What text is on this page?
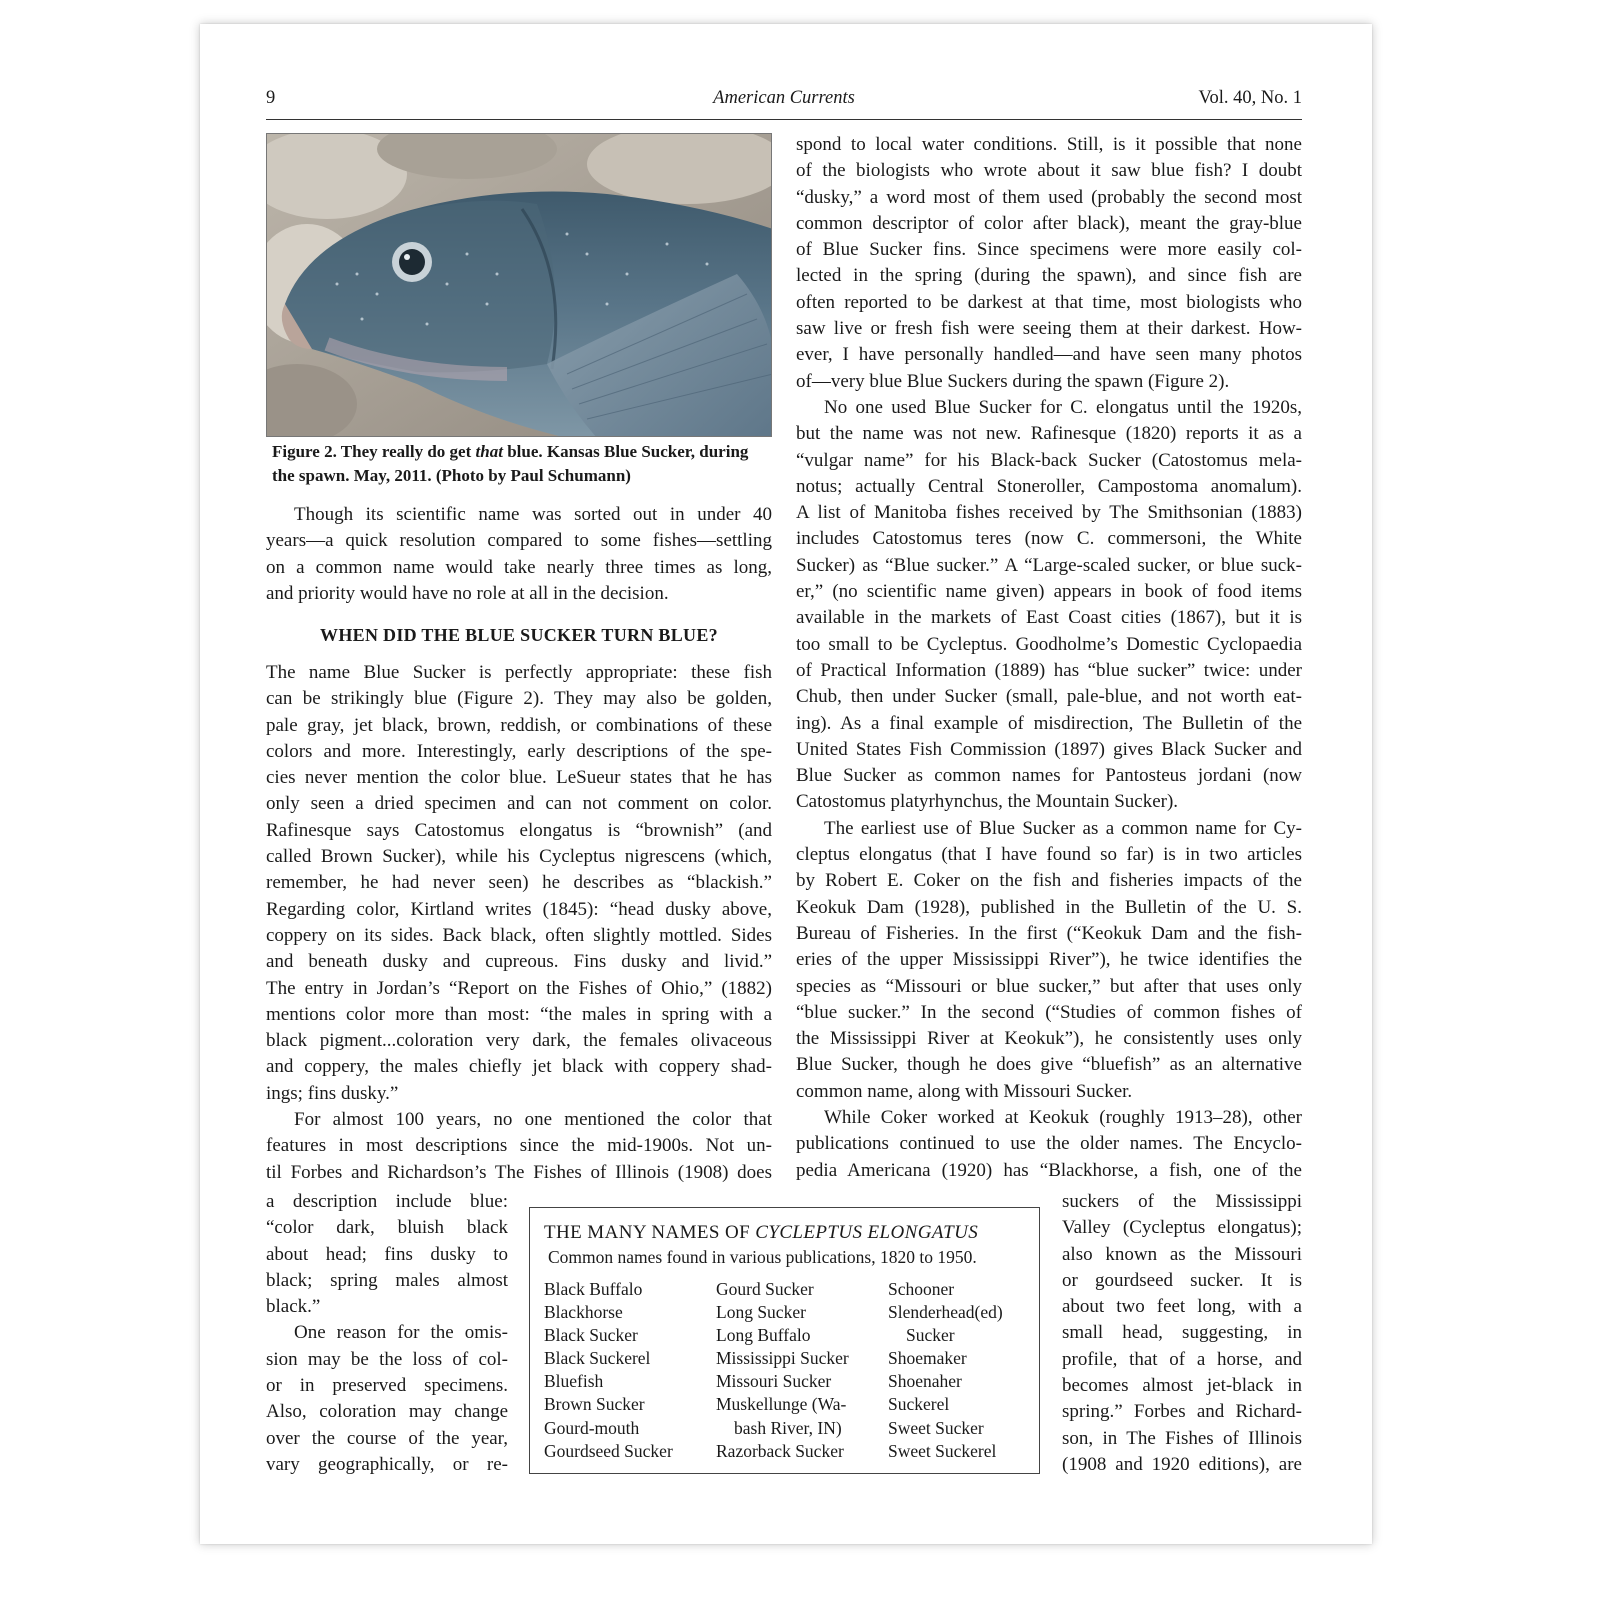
9	American Currents	Vol. 40, No. 1

Figure 2. They really do get that blue. Kansas Blue Sucker, during the spawn. May, 2011. (Photo by Paul Schumann)

Though its scientific name was sorted out in under 40
years—a quick resolution compared to some fishes—settling
on a common name would take nearly three times as long,
and priority would have no role at all in the decision.
WHEN DID THE BLUE SUCKER TURN BLUE?
The name Blue Sucker is perfectly appropriate: these fish
can be strikingly blue (Figure 2). They may also be golden,
pale gray, jet black, brown, reddish, or combinations of these
colors and more. Interestingly, early descriptions of the spe-
cies never mention the color blue. LeSueur states that he has
only seen a dried specimen and can not comment on color.
Rafinesque says Catostomus elongatus is “brownish” (and
called Brown Sucker), while his Cycleptus nigrescens (which,
remember, he had never seen) he describes as “blackish.”
Regarding color, Kirtland writes (1845): “head dusky above,
coppery on its sides. Back black, often slightly mottled. Sides
and beneath dusky and cupreous. Fins dusky and livid.”
The entry in Jordan’s “Report on the Fishes of Ohio,” (1882)
mentions color more than most: “the males in spring with a
black pigment...coloration very dark, the females olivaceous
and coppery, the males chiefly jet black with coppery shad-
ings; fins dusky.”
For almost 100 years, no one mentioned the color that
features in most descriptions since the mid-1900s. Not un-
til Forbes and Richardson’s The Fishes of Illinois (1908) does
a description include blue:
“color dark, bluish black
about head; fins dusky to
black; spring males almost
black.”
One reason for the omis-
sion may be the loss of col-
or in preserved specimens.
Also, coloration may change
over the course of the year,
vary geographically, or re-
spond to local water conditions. Still, is it possible that none
of the biologists who wrote about it saw blue fish? I doubt
“dusky,” a word most of them used (probably the second most
common descriptor of color after black), meant the gray-blue
of Blue Sucker fins. Since specimens were more easily col-
lected in the spring (during the spawn), and since fish are
often reported to be darkest at that time, most biologists who
saw live or fresh fish were seeing them at their darkest. How-
ever, I have personally handled—and have seen many photos
of—very blue Blue Suckers during the spawn (Figure 2).
No one used Blue Sucker for C. elongatus until the 1920s,
but the name was not new. Rafinesque (1820) reports it as a
“vulgar name” for his Black-back Sucker (Catostomus mela-
notus; actually Central Stoneroller, Campostoma anomalum).
A list of Manitoba fishes received by The Smithsonian (1883)
includes Catostomus teres (now C. commersoni, the White
Sucker) as “Blue sucker.” A “Large-scaled sucker, or blue suck-
er,” (no scientific name given) appears in book of food items
available in the markets of East Coast cities (1867), but it is
too small to be Cycleptus. Goodholme’s Domestic Cyclopaedia
of Practical Information (1889) has “blue sucker” twice: under
Chub, then under Sucker (small, pale-blue, and not worth eat-
ing). As a final example of misdirection, The Bulletin of the
United States Fish Commission (1897) gives Black Sucker and
Blue Sucker as common names for Pantosteus jordani (now
Catostomus platyrhynchus, the Mountain Sucker).
The earliest use of Blue Sucker as a common name for Cy-
cleptus elongatus (that I have found so far) is in two articles
by Robert E. Coker on the fish and fisheries impacts of the
Keokuk Dam (1928), published in the Bulletin of the U. S.
Bureau of Fisheries. In the first (“Keokuk Dam and the fish-
eries of the upper Mississippi River”), he twice identifies the
species as “Missouri or blue sucker,” but after that uses only
“blue sucker.” In the second (“Studies of common fishes of
the Mississippi River at Keokuk”), he consistently uses only
Blue Sucker, though he does give “bluefish” as an alternative
common name, along with Missouri Sucker.
While Coker worked at Keokuk (roughly 1913–28), other
publications continued to use the older names. The Encyclo-
pedia Americana (1920) has “Blackhorse, a fish, one of the
suckers of the Mississippi
Valley (Cycleptus elongatus);
also known as the Missouri
or gourdseed sucker. It is
about two feet long, with a
small head, suggesting, in
profile, that of a horse, and
becomes almost jet-black in
spring.” Forbes and Richard-
son, in The Fishes of Illinois
(1908 and 1920 editions), are
THE MANY NAMES OF CYCLEPTUS ELONGATUS
Common names found in various publications, 1820 to 1950.
Black Buffalo
Blackhorse
Black Sucker
Black Suckerel
Bluefish
Brown Sucker
Gourd-mouth
Gourdseed Sucker
Gourd Sucker
Long Sucker
Long Buffalo
Mississippi Sucker
Missouri Sucker
Muskellunge (Wa-
bash River, IN)
Razorback Sucker
Schooner
Slenderhead(ed)
Sucker
Shoemaker
Shoenaher
Suckerel
Sweet Sucker
Sweet Suckerel
